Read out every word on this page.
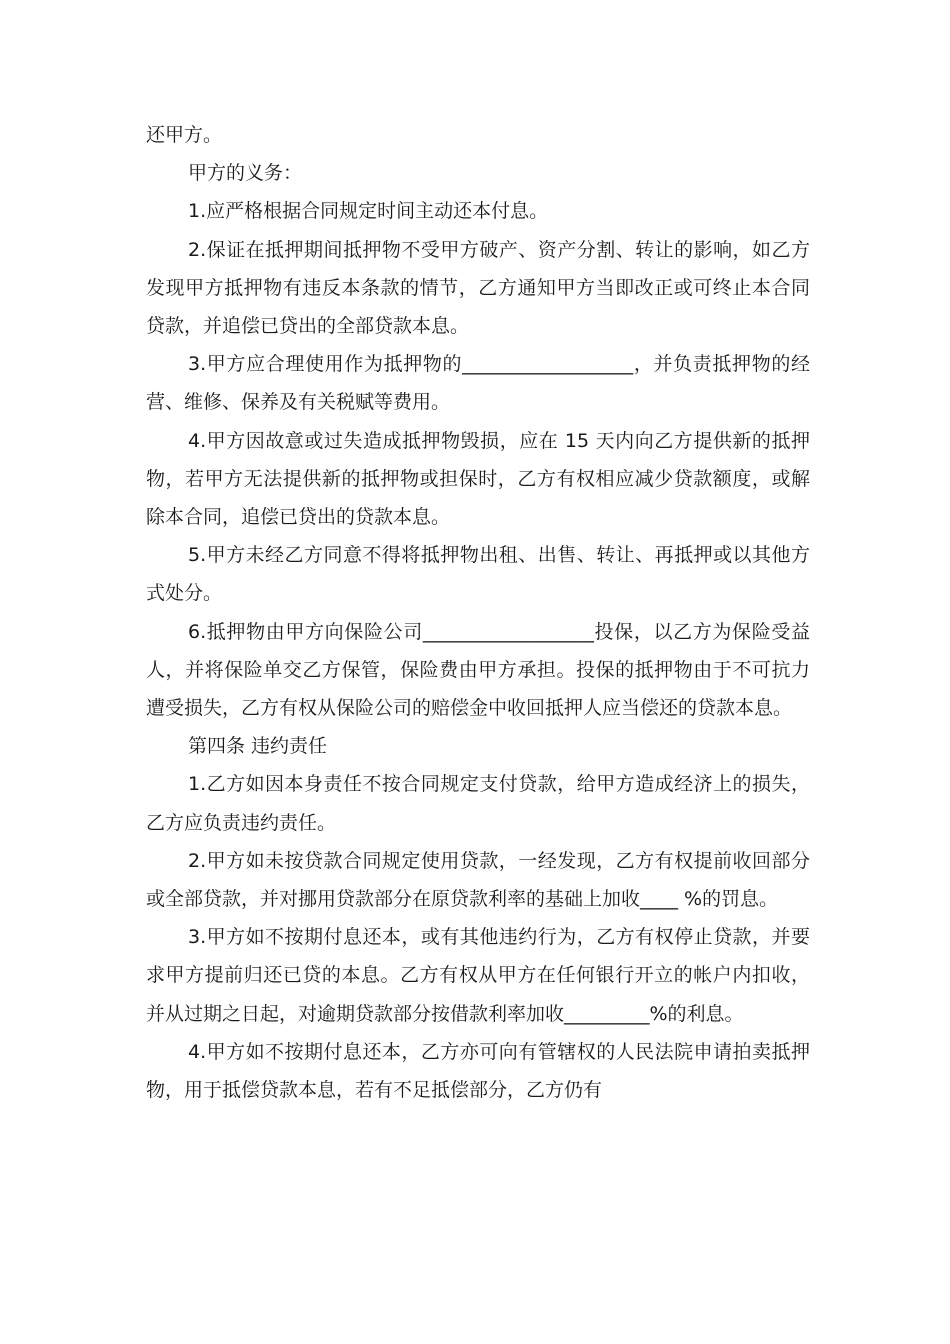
还甲方。

甲方的义务：

1.应严格根据合同规定时间主动还本付息。

2.保证在抵押期间抵押物不受甲方破产、资产分割、转让的影响，如乙方发现甲方抵押物有违反本条款的情节，乙方通知甲方当即改正或可终止本合同贷款，并追偿已贷出的全部贷款本息。

3.甲方应合理使用作为抵押物的__________________，并负责抵押物的经营、维修、保养及有关税赋等费用。

4.甲方因故意或过失造成抵押物毁损，应在 15 天内向乙方提供新的抵押物，若甲方无法提供新的抵押物或担保时，乙方有权相应减少贷款额度，或解除本合同，追偿已贷出的贷款本息。

5.甲方未经乙方同意不得将抵押物出租、出售、转让、再抵押或以其他方式处分。

6.抵押物由甲方向保险公司__________________投保，以乙方为保险受益人，并将保险单交乙方保管，保险费由甲方承担。投保的抵押物由于不可抗力遭受损失，乙方有权从保险公司的赔偿金中收回抵押人应当偿还的贷款本息。

第四条 违约责任

1.乙方如因本身责任不按合同规定支付贷款，给甲方造成经济上的损失，乙方应负责违约责任。

2.甲方如未按贷款合同规定使用贷款，一经发现，乙方有权提前收回部分或全部贷款，并对挪用贷款部分在原贷款利率的基础上加收____ %的罚息。

3.甲方如不按期付息还本，或有其他违约行为，乙方有权停止贷款，并要求甲方提前归还已贷的本息。乙方有权从甲方在任何银行开立的帐户内扣收，并从过期之日起，对逾期贷款部分按借款利率加收_________%的利息。

4.甲方如不按期付息还本，乙方亦可向有管辖权的人民法院申请拍卖抵押物，用于抵偿贷款本息，若有不足抵偿部分，乙方仍有
